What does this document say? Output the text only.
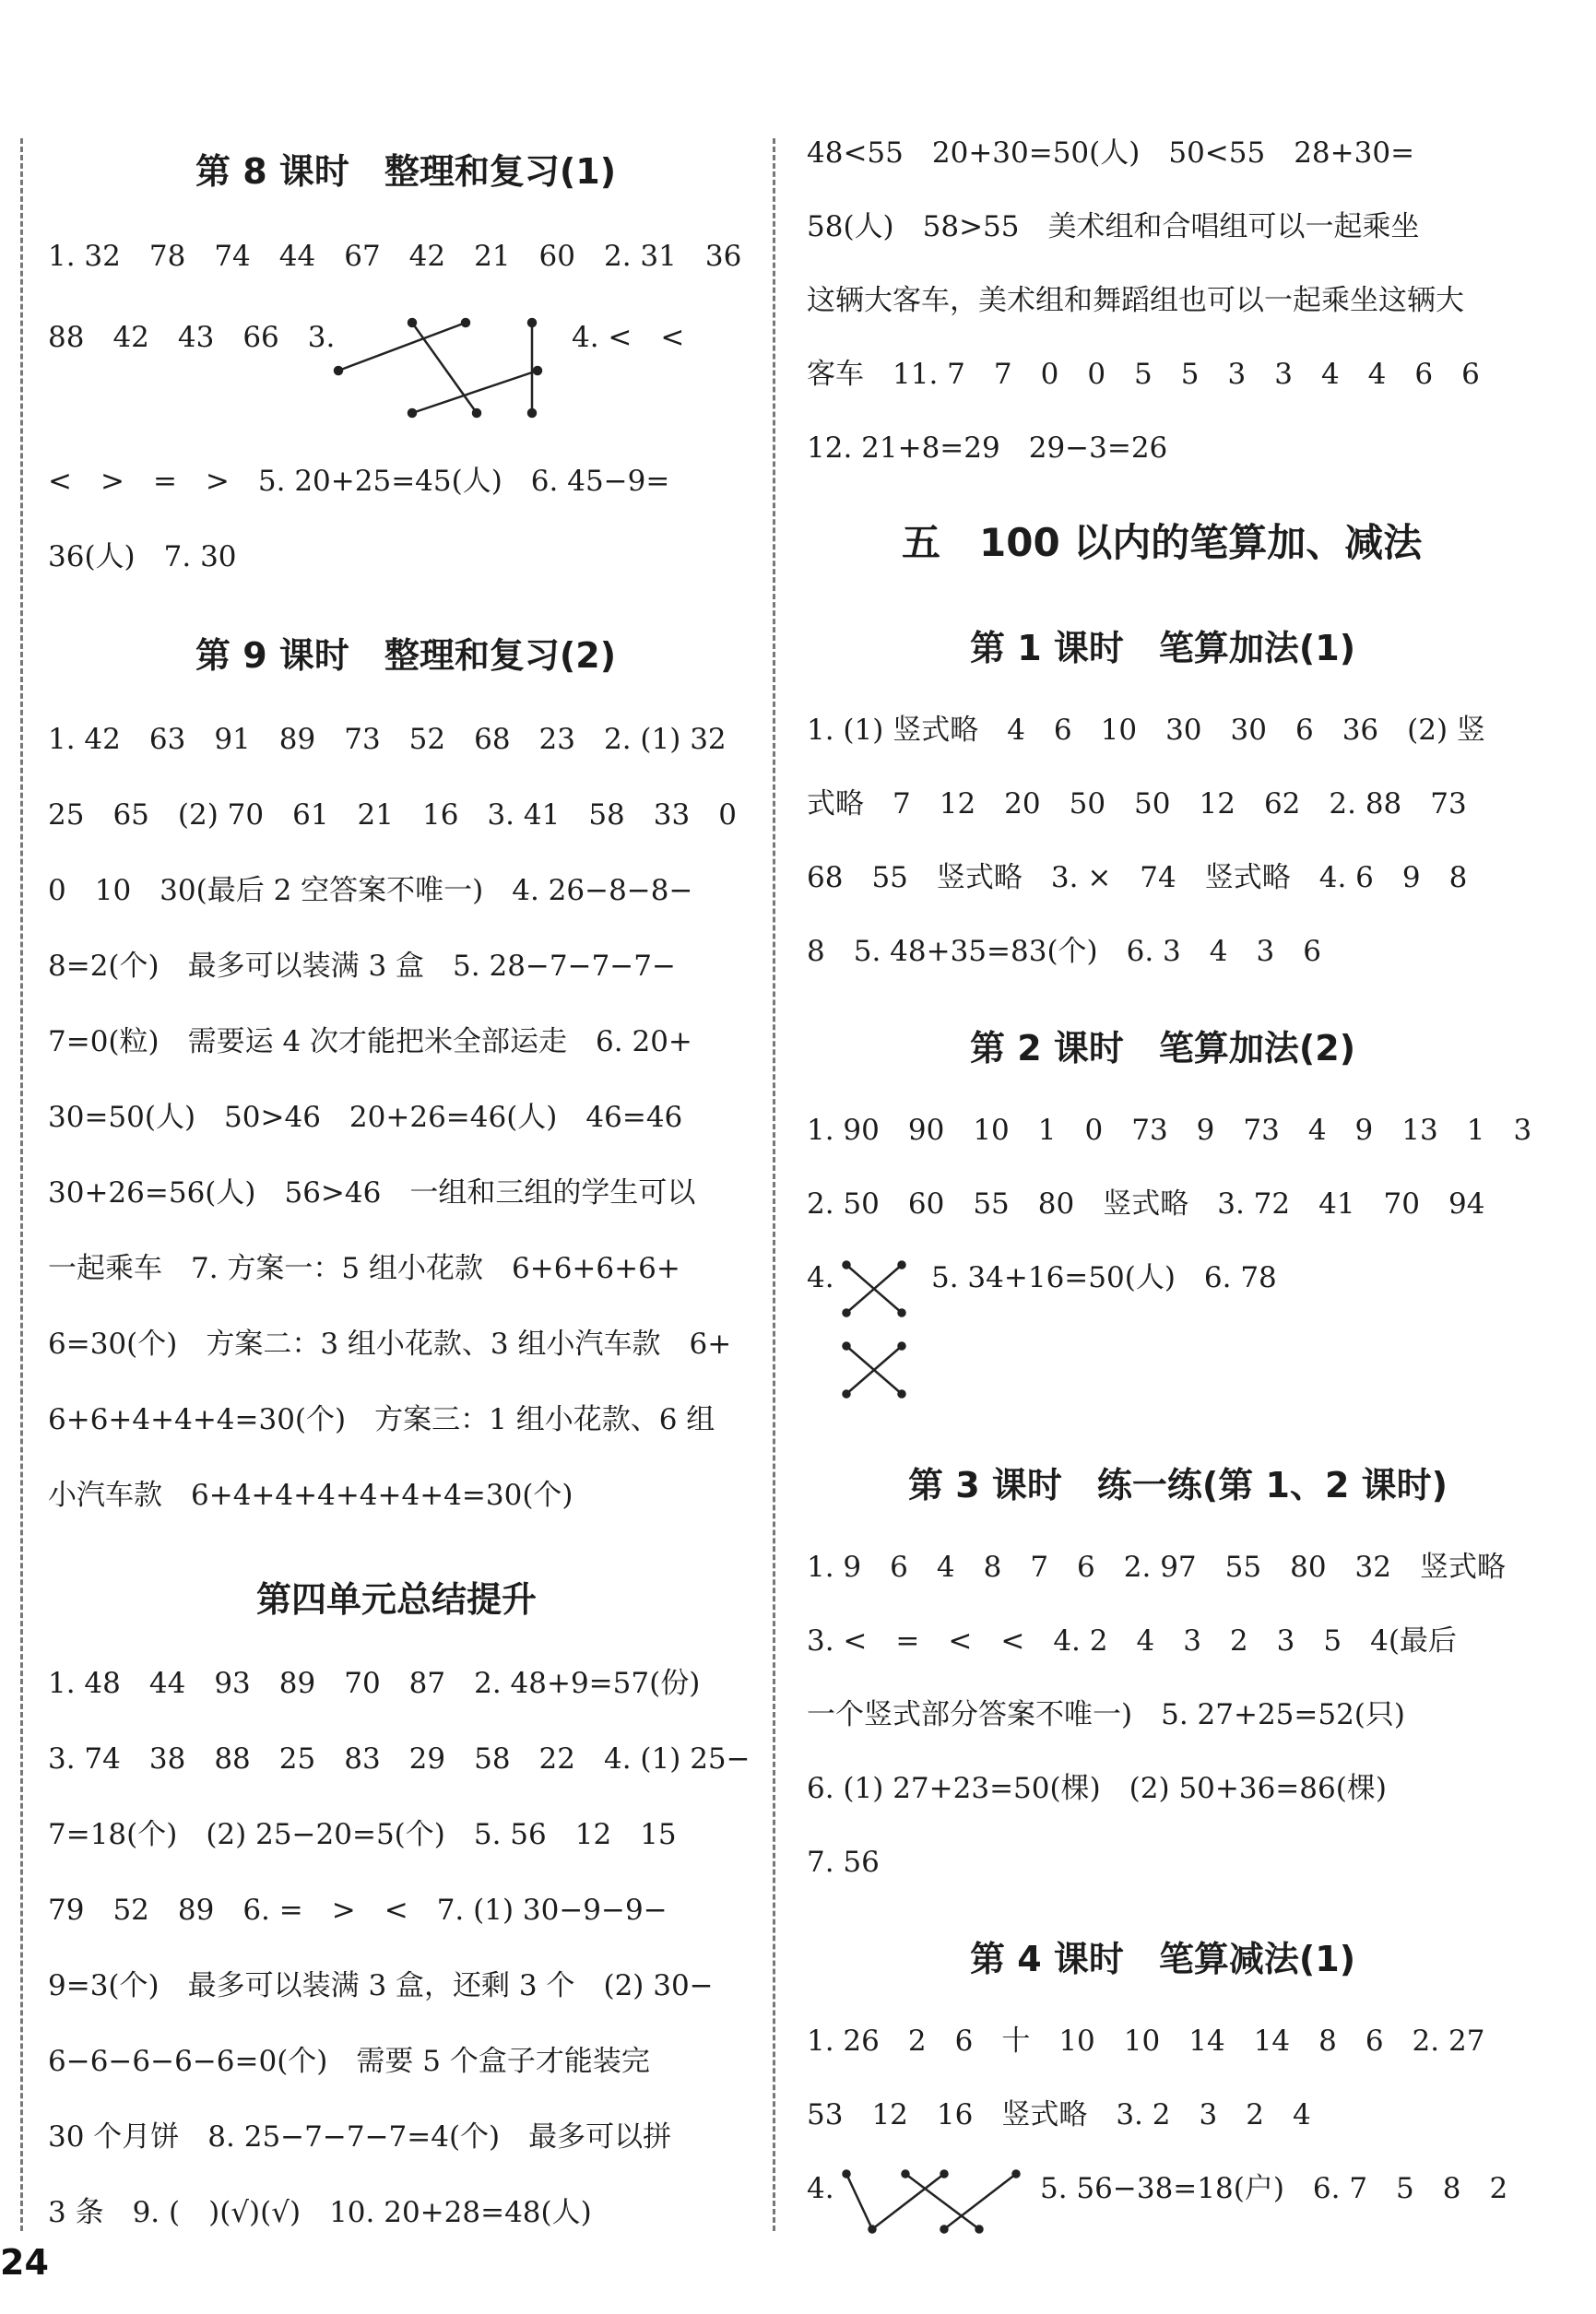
第 8 课时　整理和复习(1)
1. 32　78　74　44　67　42　21　60　2. 31　36
88　42　43　66　3.	4. <　<
<　>　=　>　5. 20+25=45(人)　6. 45−9=
36(人)　7. 30
第 9 课时　整理和复习(2)
1. 42　63　91　89　73　52　68　23　2. (1) 32
25　65　(2) 70　61　21　16　3. 41　58　33　0
0　10　30(最后 2 空答案不唯一)　4. 26−8−8−
8=2(个)　最多可以装满 3 盒　5. 28−7−7−7−
7=0(粒)　需要运 4 次才能把米全部运走　6. 20+
30=50(人)　50>46　20+26=46(人)　46=46
30+26=56(人)　56>46　一组和三组的学生可以
一起乘车　7. 方案一：5 组小花款　6+6+6+6+
6=30(个)　方案二：3 组小花款、3 组小汽车款　6+
6+6+4+4+4=30(个)　方案三：1 组小花款、6 组
小汽车款　6+4+4+4+4+4+4=30(个)
第四单元总结提升
1. 48　44　93　89　70　87　2. 48+9=57(份)
3. 74　38　88　25　83　29　58　22　4. (1) 25−
7=18(个)　(2) 25−20=5(个)　5. 56　12　15
79　52　89　6. =　>　<　7. (1) 30−9−9−
9=3(个)　最多可以装满 3 盒，还剩 3 个　(2) 30−
6−6−6−6−6=0(个)　需要 5 个盒子才能装完
30 个月饼　8. 25−7−7−7=4(个)　最多可以拼
3 条　9. (　)(√)(√)　10. 20+28=48(人)
48<55　20+30=50(人)　50<55　28+30=
58(人)　58>55　美术组和合唱组可以一起乘坐
这辆大客车，美术组和舞蹈组也可以一起乘坐这辆大
客车　11. 7　7　0　0　5　5　3　3　4　4　6　6
12. 21+8=29　29−3=26
五　100 以内的笔算加、减法
第 1 课时　笔算加法(1)
1. (1) 竖式略　4　6　10　30　30　6　36　(2) 竖
式略　7　12　20　50　50　12　62　2. 88　73
68　55　竖式略　3. ×　74　竖式略　4. 6　9　8
8　5. 48+35=83(个)　6. 3　4　3　6
第 2 课时　笔算加法(2)
1. 90　90　10　1　0　73　9　73　4　9　13　1　3
2. 50　60　55　80　竖式略　3. 72　41　70　94
4.	5. 34+16=50(人)　6. 78
第 3 课时　练一练(第 1、2 课时)
1. 9　6　4　8　7　6　2. 97　55　80　32　竖式略
3. <　=　<　<　4. 2　4　3　2　3　5　4(最后
一个竖式部分答案不唯一)　5. 27+25=52(只)
6. (1) 27+23=50(棵)　(2) 50+36=86(棵)
7. 56
第 4 课时　笔算减法(1)
1. 26　2　6　十　10　10　14　14　8　6　2. 27
53　12　16　竖式略　3. 2　3　2　4
4.	5. 56−38=18(户)　6. 7　5　8　2
24
